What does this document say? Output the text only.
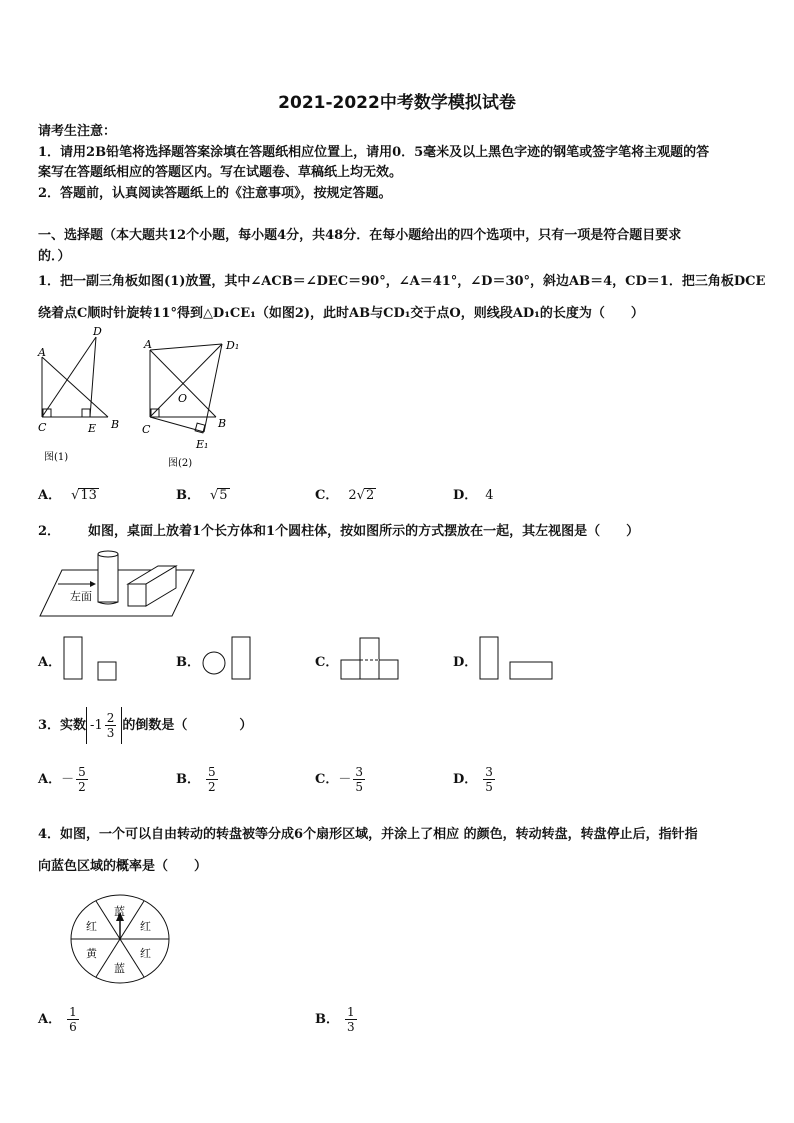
2021-2022中考数学模拟试卷
请考生注意：
1．请用2B铅笔将选择题答案涂填在答题纸相应位置上，请用0．5毫米及以上黑色字迹的钢笔或签字笔将主观题的答
案写在答题纸相应的答题区内。写在试题卷、草稿纸上均无效。
2．答题前，认真阅读答题纸上的《注意事项》，按规定答题。
一、选择题（本大题共12个小题，每小题4分，共48分．在每小题给出的四个选项中，只有一项是符合题目要求
的．）
1．把一副三角板如图(1)放置，其中∠ACB＝∠DEC＝90°，∠A＝41°，∠D＝30°，斜边AB＝4，CD＝1．把三角板DCE
绕着点C顺时针旋转11°得到△D₁CE₁（如图2)，此时AB与CD₁交于点O，则线段AD₁的长度为（　　）
A
D
C	E B
图(1)
A	D₁
O
C	B
E₁
图(2)
A． √13	B． √5	C． 2√2	D． 4
2． 如图，桌面上放着1个长方体和1个圆柱体，按如图所示的方式摆放在一起，其左视图是（　　）
左面
A．	B．	C．	D．
3．实数 $-1 \frac{2}{3}$ 的倒数是（　　　　）
A．－ $\frac{5}{2}$	B． $\frac{5}{2}$	C．－ $\frac{3}{5}$	D． $\frac{3}{5}$
4．如图，一个可以自由转动的转盘被等分成6个扇形区域，并涂上了相应 的颜色，转动转盘，转盘停止后，指针指
向蓝色区域的概率是（　　）
蓝
红
红
蓝
黄
红
A． $\frac{1}{6}$	B． $\frac{1}{3}$
